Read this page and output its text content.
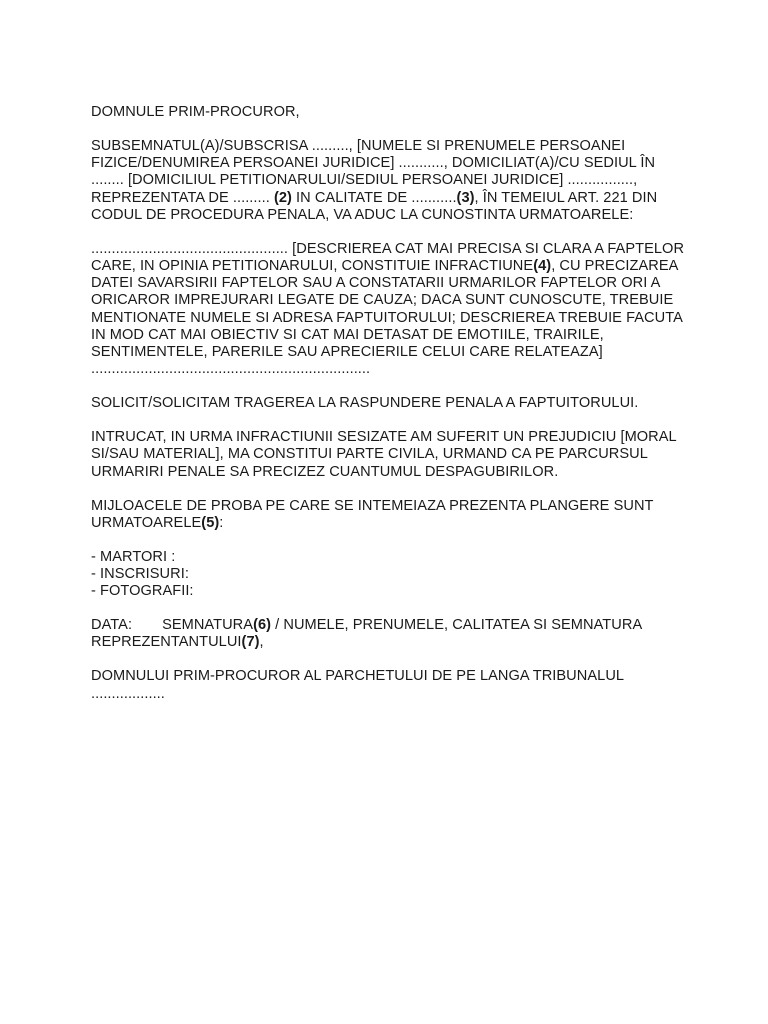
DOMNULE PRIM-PROCUROR,

SUBSEMNATUL(A)/SUBSCRISA ........., [NUMELE SI PRENUMELE PERSOANEI FIZICE/DENUMIREA PERSOANEI JURIDICE] ..........., DOMICILIAT(A)/CU SEDIUL ÎN ........ [DOMICILIUL PETITIONARULUI/SEDIUL PERSOANEI JURIDICE] ................, REPREZENTATA DE ......... (2) IN CALITATE DE ...........(3), ÎN TEMEIUL ART. 221 DIN CODUL DE PROCEDURA PENALA, VA ADUC LA CUNOSTINTA URMATOARELE:

................................................ [DESCRIEREA CAT MAI PRECISA SI CLARA A FAPTELOR CARE, IN OPINIA PETITIONARULUI, CONSTITUIE INFRACTIUNE(4), CU PRECIZAREA DATEI SAVARSIRII FAPTELOR SAU A CONSTATARII URMARILOR FAPTELOR ORI A ORICAROR IMPREJURARI LEGATE DE CAUZA; DACA SUNT CUNOSCUTE, TREBUIE MENTIONATE NUMELE SI ADRESA FAPTUITORULUI; DESCRIEREA TREBUIE FACUTA IN MOD CAT MAI OBIECTIV SI CAT MAI DETASAT DE EMOTIILE, TRAIRILE, SENTIMENTELE, PARERILE SAU APRECIERILE CELUI CARE RELATEAZA] ....................................................................

SOLICIT/SOLICITAM TRAGEREA LA RASPUNDERE PENALA A FAPTUITORULUI.

INTRUCAT, IN URMA INFRACTIUNII SESIZATE AM SUFERIT UN PREJUDICIU [MORAL SI/SAU MATERIAL], MA CONSTITUI PARTE CIVILA, URMAND CA PE PARCURSUL URMARIRI PENALE SA PRECIZEZ CUANTUMUL DESPAGUBIRILOR.

MIJLOACELE DE PROBA PE CARE SE INTEMEIAZA PREZENTA PLANGERE SUNT URMATOARELE(5):

- MARTORI :
- INSCRISURI:
- FOTOGRAFII:

DATA: SEMNATURA(6) / NUMELE, PRENUMELE, CALITATEA SI SEMNATURA REPREZENTANTULUI(7),

DOMNULUI PRIM-PROCUROR AL PARCHETULUI DE PE LANGA TRIBUNALUL
..................
